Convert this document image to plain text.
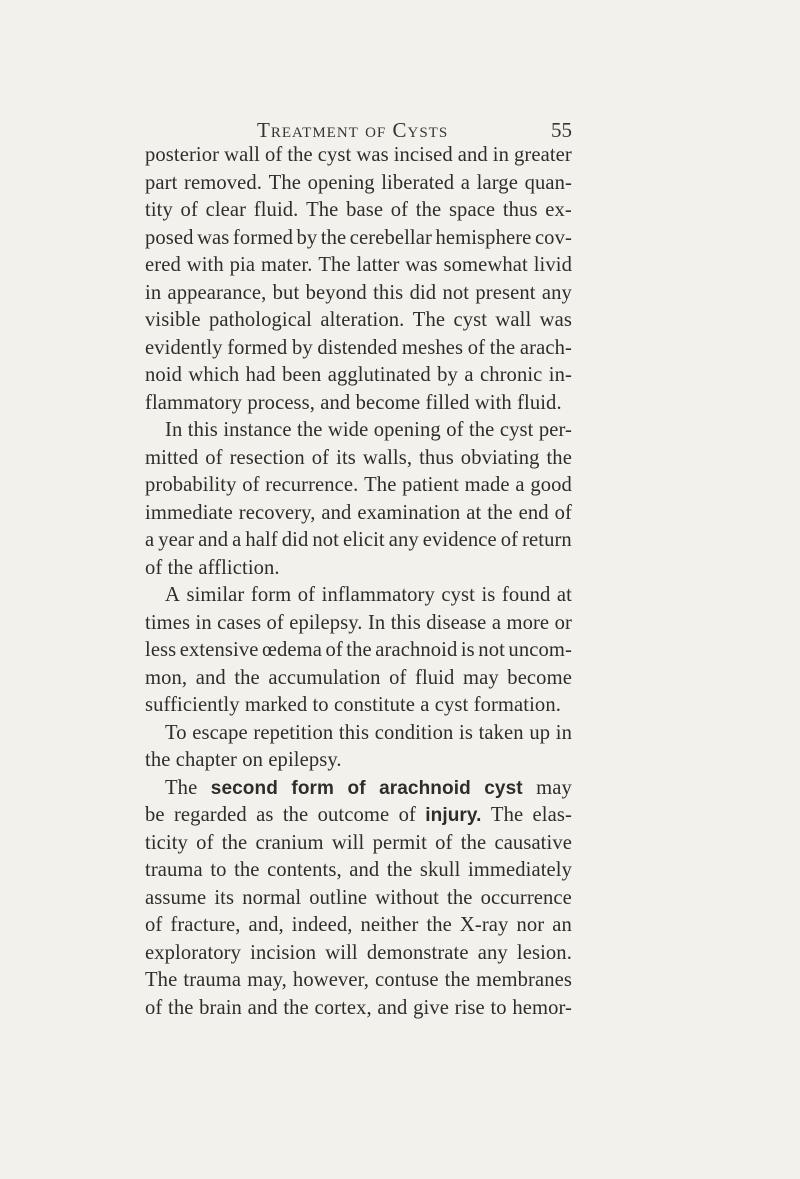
Treatment of Cysts	55
posterior wall of the cyst was incised and in greater
part removed. The opening liberated a large quan-
tity of clear fluid. The base of the space thus ex-
posed was formed by the cerebellar hemisphere cov-
ered with pia mater. The latter was somewhat livid
in appearance, but beyond this did not present any
visible pathological alteration. The cyst wall was
evidently formed by distended meshes of the arach-
noid which had been agglutinated by a chronic in-
flammatory
process,
and
become
filled
with
fluid.

In this instance the wide opening of the cyst per-
mitted of resection of its walls, thus obviating the
probability of recurrence. The patient made a good
immediate recovery, and examination at the end of
a year and a half did not elicit any evidence of return
of
the
affliction.

A similar form of inflammatory cyst is found at
times in cases of epilepsy. In this disease a more or
less extensive œdema of the arachnoid is not uncom-
mon, and the accumulation of fluid may become
sufficiently
marked
to
constitute
a
cyst
formation.

To escape repetition this condition is taken up in
the
chapter
on
epilepsy.

The second form of arachnoid cyst may
be regarded as the outcome of injury. The elas-
ticity of the cranium will permit of the causative
trauma to the contents, and the skull immediately
assume its normal outline without the occurrence
of fracture, and, indeed, neither the X-ray nor an
exploratory incision will demonstrate any lesion.
The trauma may, however, contuse the membranes
of the brain and the cortex, and give rise to hemor-
